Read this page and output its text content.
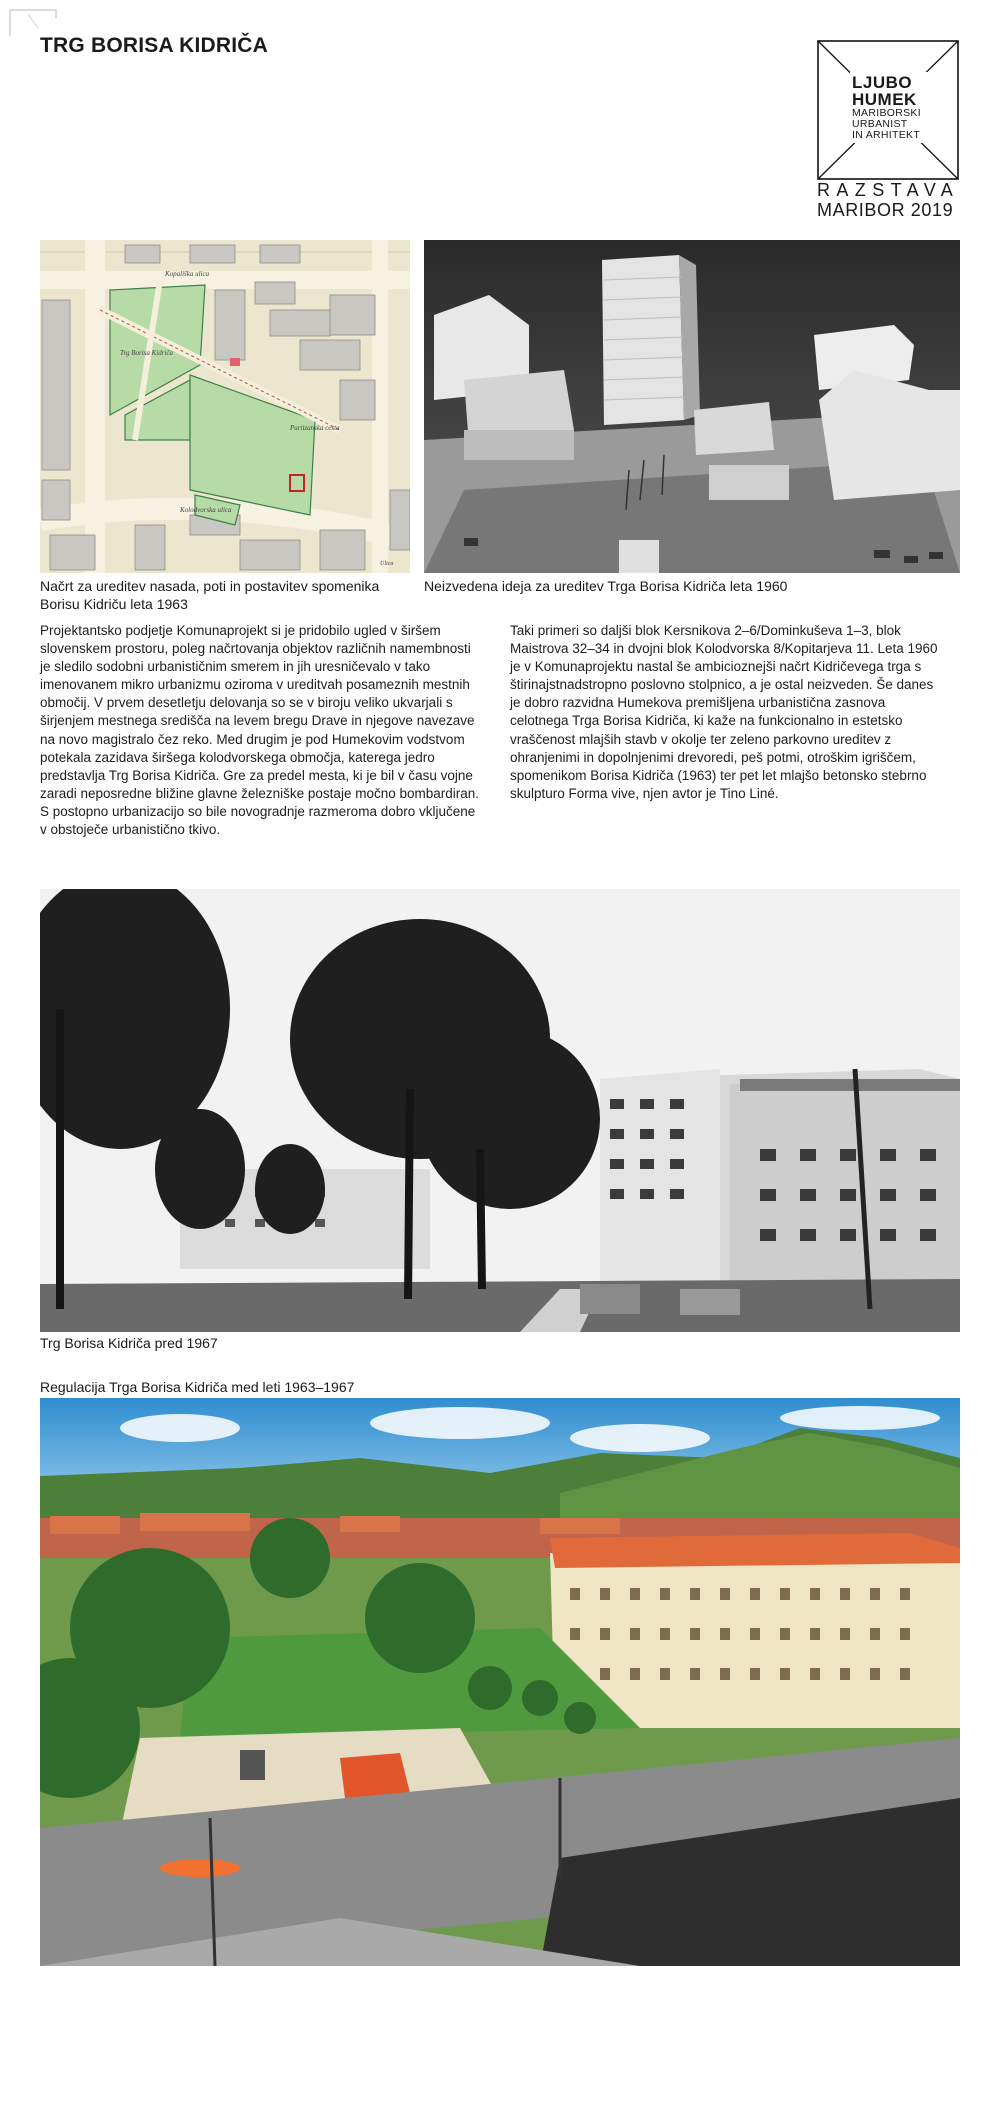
TRG BORISA KIDRIČA
LJUBO
HUMEK
MARIBORSKI
URBANIST
IN ARHITEKT
RAZSTAVA
MARIBOR 2019
Kopališka ulica
Trg Borisa Kidriča
Partizanska cesta
Kolodvorska ulica
Ulica
Načrt za ureditev nasada, poti in postavitev spomenika Borisu Kidriču leta 1963
Neizvedena ideja za ureditev Trga Borisa Kidriča leta 1960

Projektantsko podjetje Komunaprojekt si je pridobilo ugled v širšem slovenskem prostoru, poleg načrtovanja objektov različnih namembnosti je sledilo sodobni urbanističnim smerem in jih uresničevalo v tako imenovanem mikro urbanizmu oziroma v ureditvah posameznih mestnih območij. V prvem desetletju delovanja so se v biroju veliko ukvarjali s širjenjem mestnega središča na levem bregu Drave in njegove navezave na novo magistralo čez reko. Med drugim je pod Humekovim vodstvom potekala zazidava širšega kolodvorskega območja, katerega jedro predstavlja Trg Borisa Kidriča. Gre za predel mesta, ki je bil v času vojne zaradi neposredne bližine glavne železniške postaje močno bombardiran. S postopno urbanizacijo so bile novogradnje razmeroma dobro vključene v obstoječe urbanistično tkivo.

Taki primeri so daljši blok Kersnikova 2–6/Dominkuševa 1–3, blok Maistrova 32–34 in dvojni blok Kolodvorska 8/Kopitarjeva 11. Leta 1960 je v Komunaprojektu nastal še ambicioznejši načrt Kidričevega trga s štirinajstnadstropno poslovno stolpnico, a je ostal neizveden. Še danes je dobro razvidna Humekova premišljena urbanistična zasnova celotnega Trga Borisa Kidriča, ki kaže na funkcionalno in estetsko vraščenost mlajših stavb v okolje ter zeleno parkovno ureditev z ohranjenimi in dopolnjenimi drevoredi, peš potmi, otroškim igriščem, spomenikom Borisa Kidriča (1963) ter pet let mlajšo betonsko stebrno skulpturo Forma vive, njen avtor je Tino Liné.

Trg Borisa Kidriča pred 1967
Regulacija Trga Borisa Kidriča med leti 1963–1967
